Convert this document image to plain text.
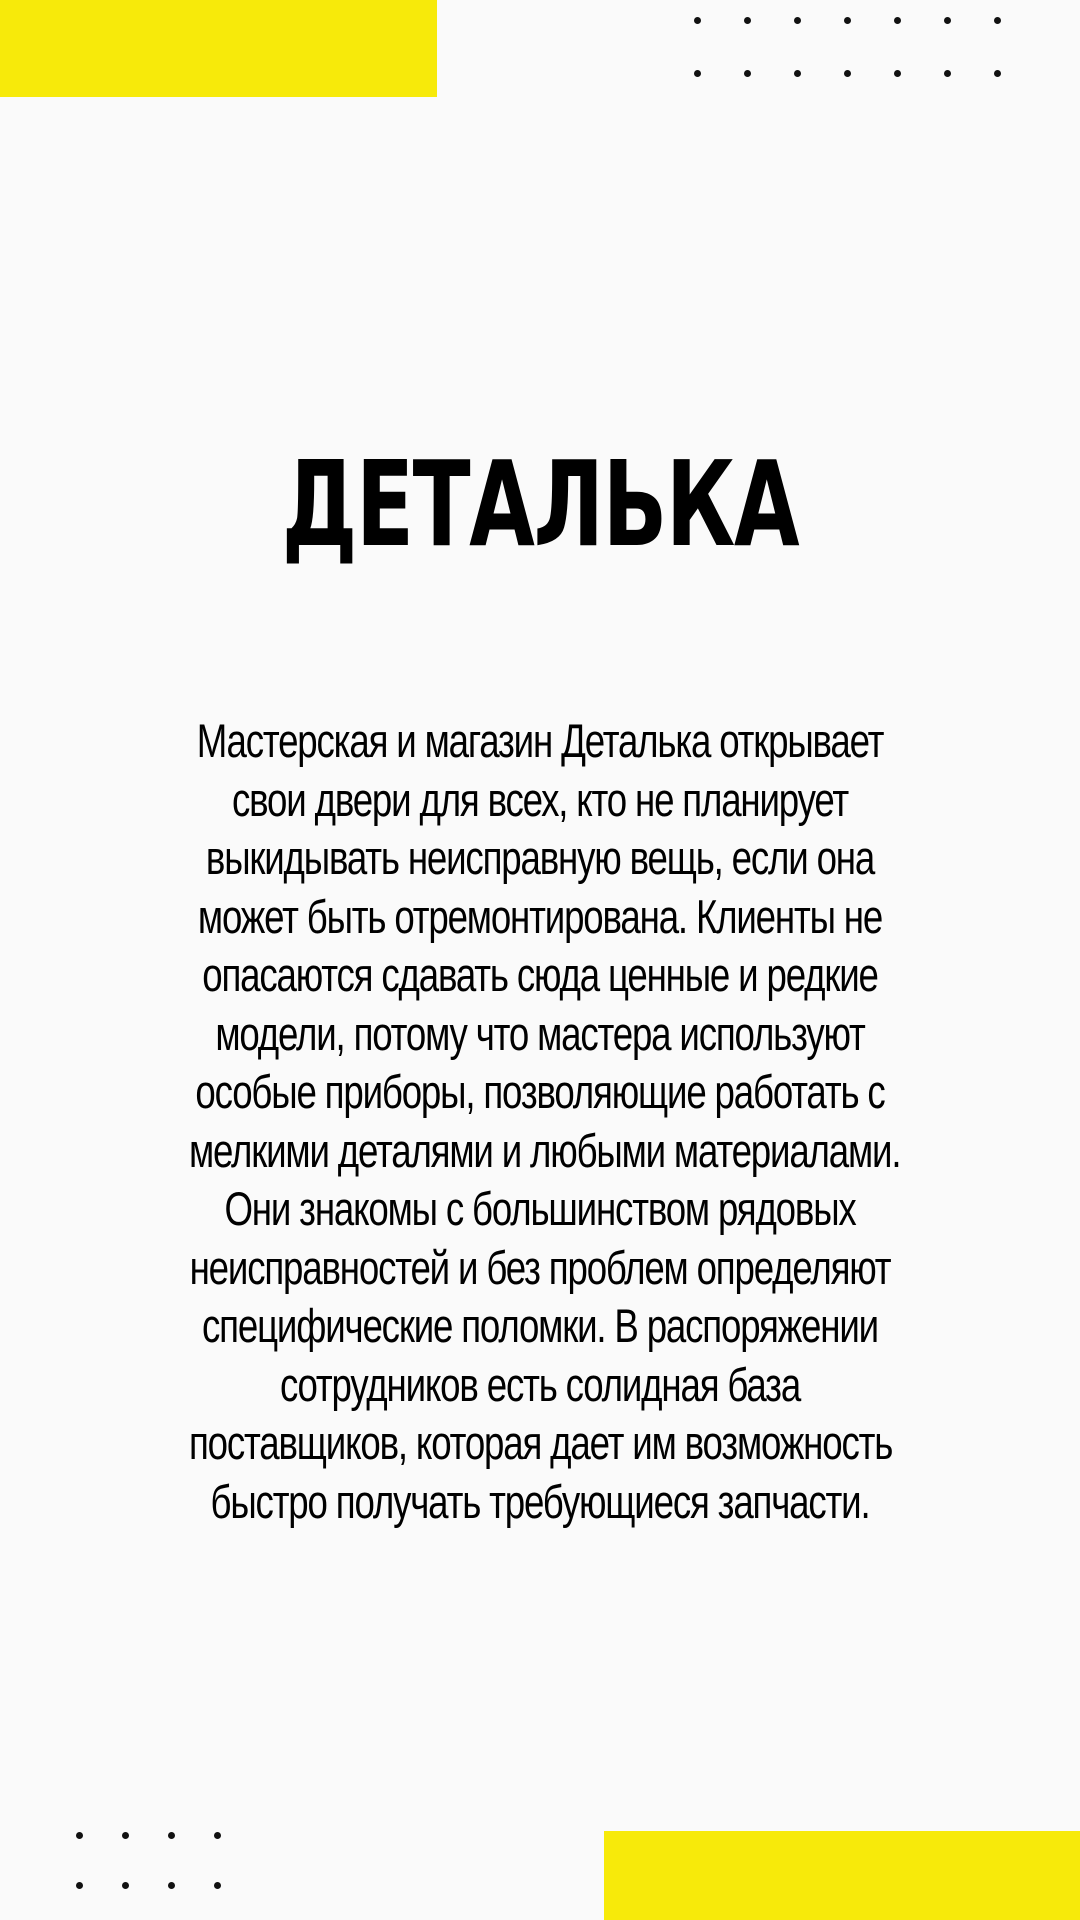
ДЕТАЛЬКА

Мастерская и магазин Деталька открывает
свои двери для всех, кто не планирует
выкидывать неисправную вещь, если она
может быть отремонтирована. Клиенты не
опасаются сдавать сюда ценные и редкие
модели, потому что мастера используют
особые приборы, позволяющие работать с
мелкими деталями и любыми материалами.
Они знакомы с большинством рядовых
неисправностей и без проблем определяют
специфические поломки. В распоряжении
сотрудников есть солидная база
поставщиков, которая дает им возможность
быстро получать требующиеся запчасти.
